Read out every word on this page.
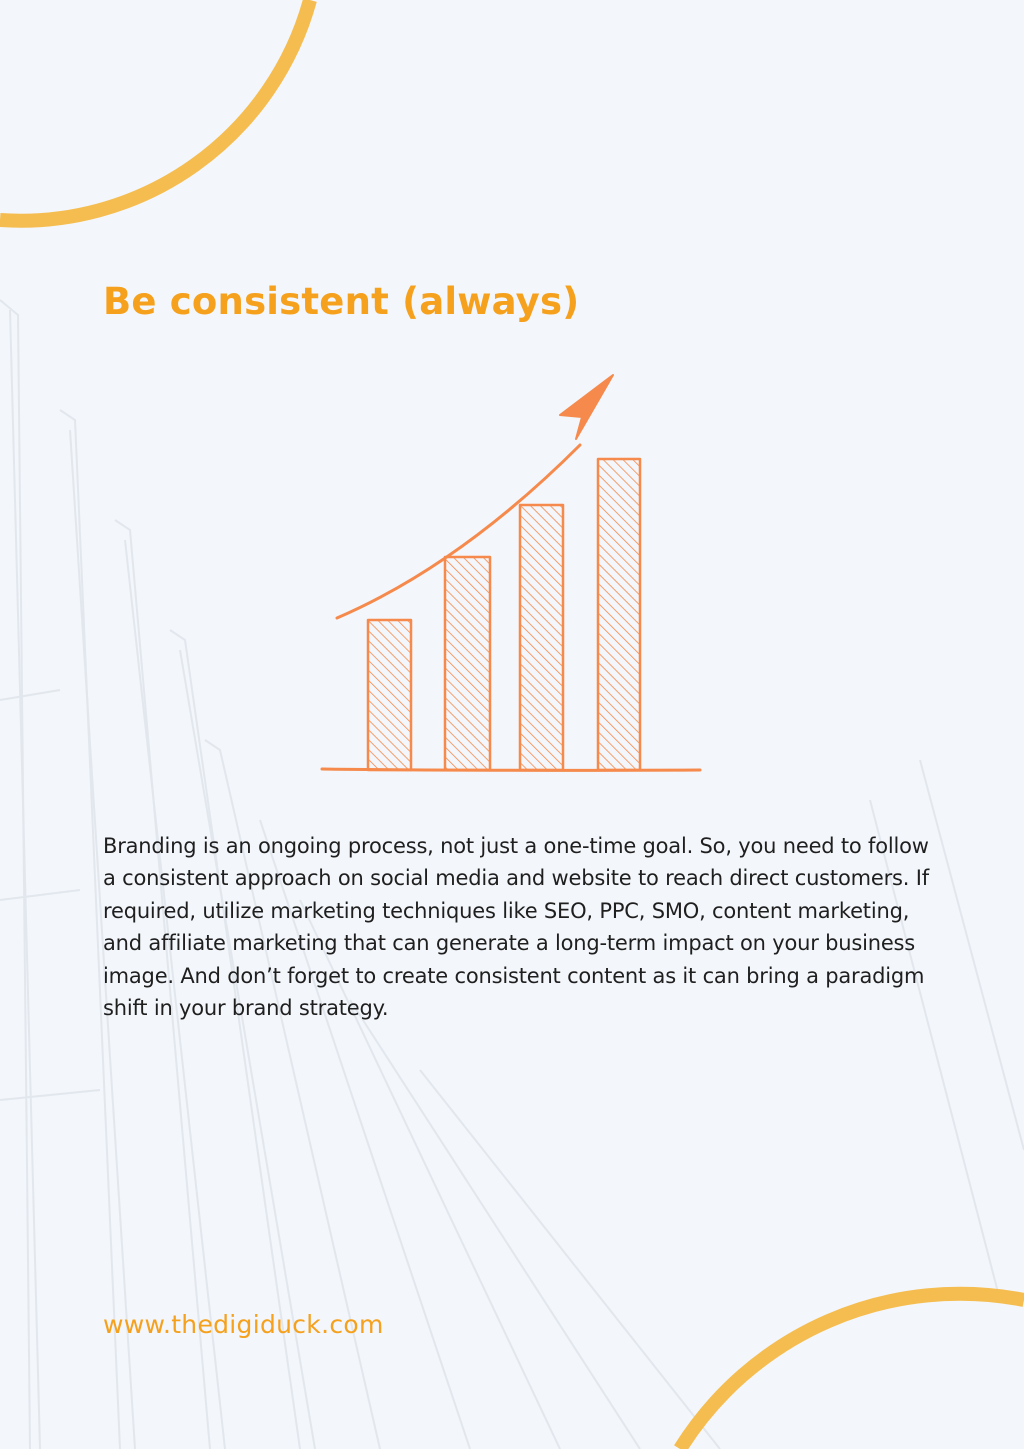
Be consistent (always)

Branding is an ongoing process, not just a one-time goal. So, you need to follow a consistent approach on social media and website to reach direct customers. If required, utilize marketing techniques like SEO, PPC, SMO, content marketing, and affiliate marketing that can generate a long-term impact on your business image. And don’t forget to create consistent content as it can bring a paradigm shift in your brand strategy.

www.thedigiduck.com
